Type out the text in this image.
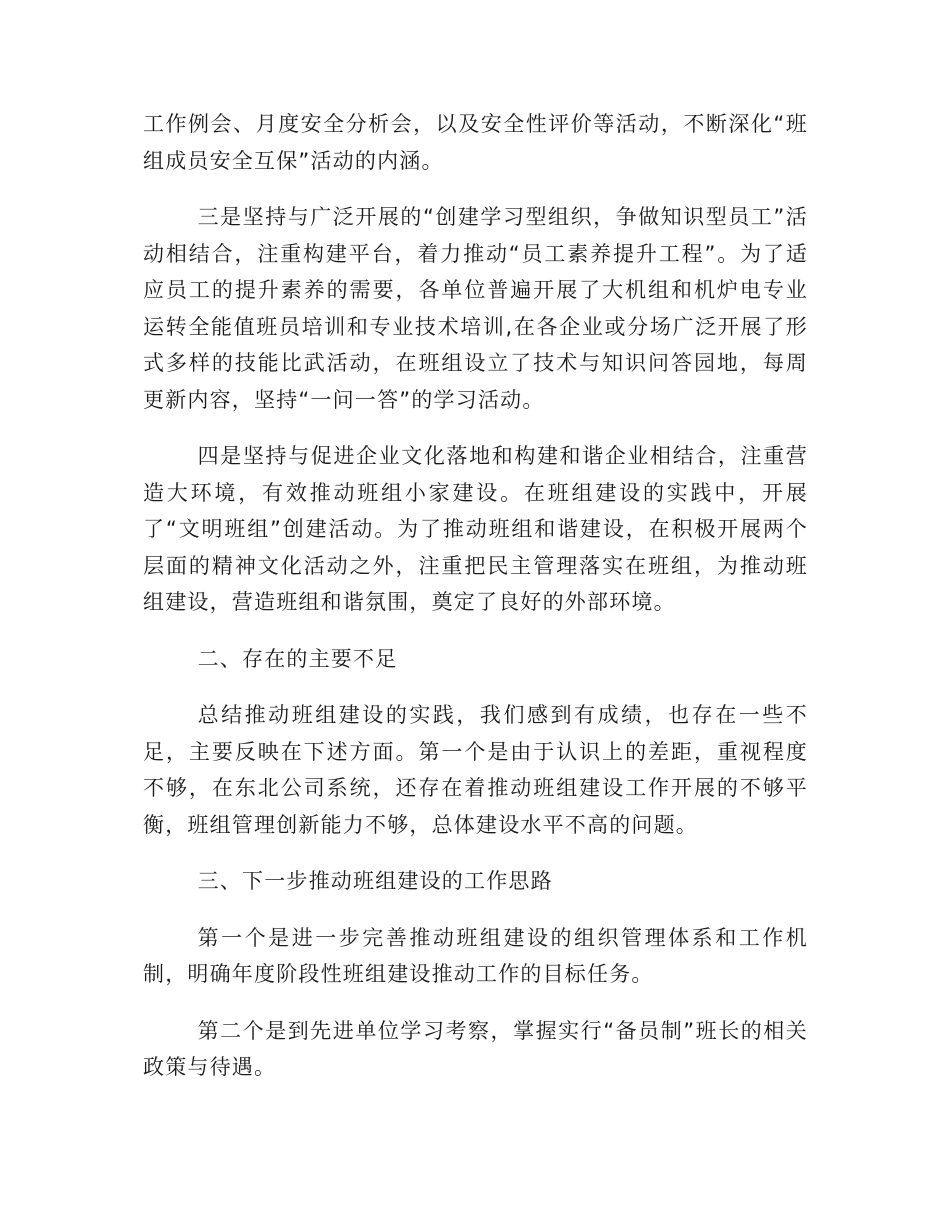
工作例会、月度安全分析会，以及安全性评价等活动，不断深化“班组成员安全互保”活动的内涵。

三是坚持与广泛开展的“创建学习型组织，争做知识型员工”活动相结合，注重构建平台，着力推动“员工素养提升工程”。为了适应员工的提升素养的需要，各单位普遍开展了大机组和机炉电专业运转全能值班员培训和专业技术培训,在各企业或分场广泛开展了形式多样的技能比武活动，在班组设立了技术与知识问答园地，每周更新内容，坚持“一问一答”的学习活动。

四是坚持与促进企业文化落地和构建和谐企业相结合，注重营造大环境，有效推动班组小家建设。在班组建设的实践中，开展了“文明班组”创建活动。为了推动班组和谐建设，在积极开展两个层面的精神文化活动之外，注重把民主管理落实在班组，为推动班组建设，营造班组和谐氛围，奠定了良好的外部环境。

二、存在的主要不足

总结推动班组建设的实践，我们感到有成绩，也存在一些不足，主要反映在下述方面。第一个是由于认识上的差距，重视程度不够，在东北公司系统，还存在着推动班组建设工作开展的不够平衡，班组管理创新能力不够，总体建设水平不高的问题。

三、下一步推动班组建设的工作思路

第一个是进一步完善推动班组建设的组织管理体系和工作机制，明确年度阶段性班组建设推动工作的目标任务。

第二个是到先进单位学习考察，掌握实行“备员制”班长的相关政策与待遇。
